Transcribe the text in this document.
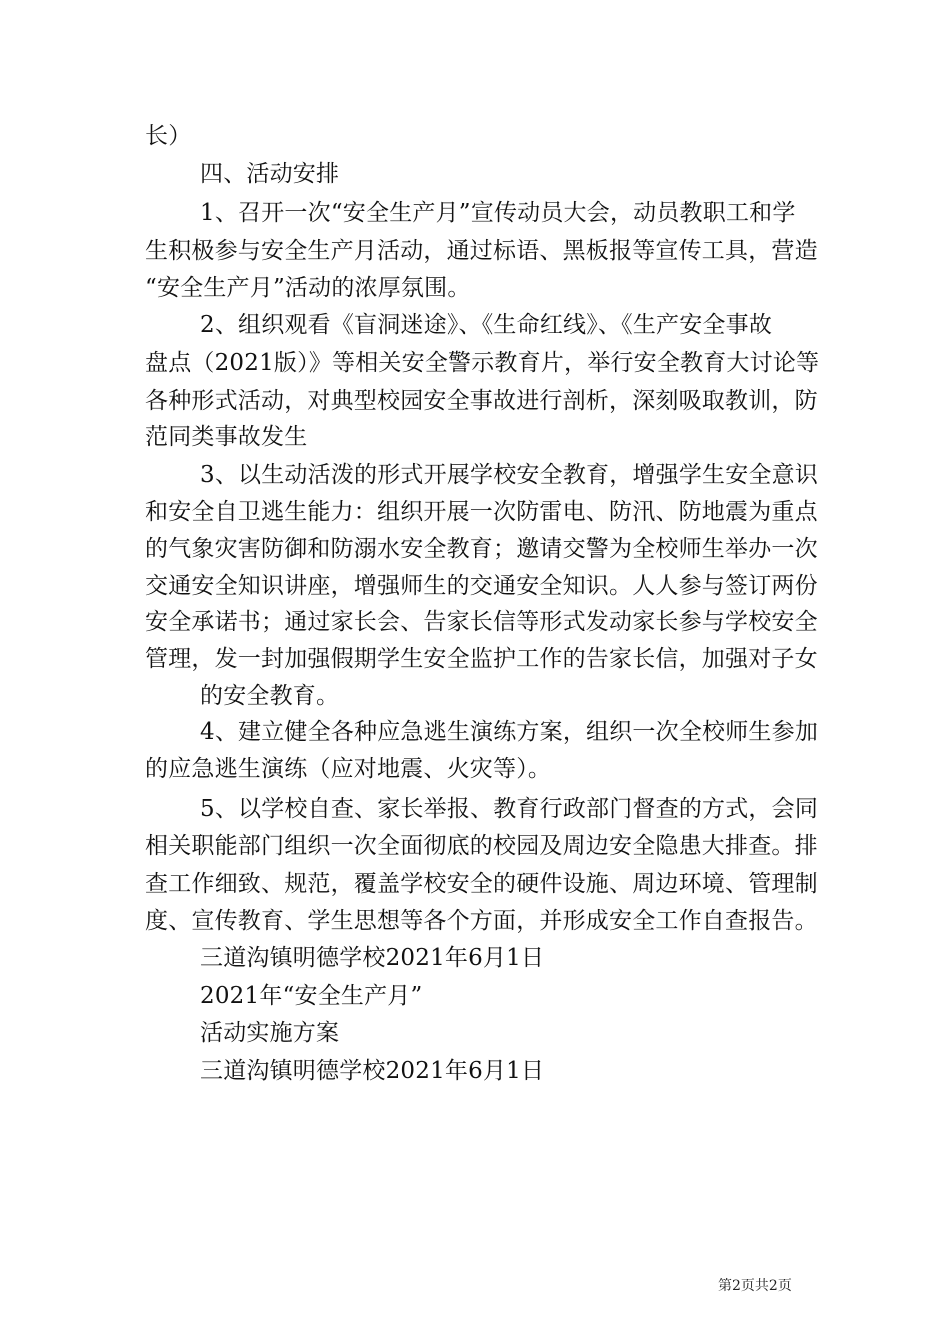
长）
四、活动安排
1、召开一次“安全生产月”宣传动员大会，动员教职工和学
生积极参与安全生产月活动，通过标语、黑板报等宣传工具，营造
“安全生产月”活动的浓厚氛围。
2、组织观看《盲洞迷途》、《生命红线》、《生产安全事故
盘点（2021版）》等相关安全警示教育片，举行安全教育大讨论等
各种形式活动，对典型校园安全事故进行剖析，深刻吸取教训，防
范同类事故发生
3、以生动活泼的形式开展学校安全教育，增强学生安全意识
和安全自卫逃生能力：组织开展一次防雷电、防汛、防地震为重点
的气象灾害防御和防溺水安全教育；邀请交警为全校师生举办一次
交通安全知识讲座，增强师生的交通安全知识。人人参与签订两份
安全承诺书；通过家长会、告家长信等形式发动家长参与学校安全
管理，发一封加强假期学生安全监护工作的告家长信，加强对子女
的安全教育。
4、建立健全各种应急逃生演练方案，组织一次全校师生参加
的应急逃生演练（应对地震、火灾等）。
5、以学校自查、家长举报、教育行政部门督查的方式，会同
相关职能部门组织一次全面彻底的校园及周边安全隐患大排查。排
查工作细致、规范，覆盖学校安全的硬件设施、周边环境、管理制
度、宣传教育、学生思想等各个方面，并形成安全工作自查报告。
三道沟镇明德学校2021年6月1日
2021年“安全生产月”
活动实施方案
三道沟镇明德学校2021年6月1日
第2页共2页
